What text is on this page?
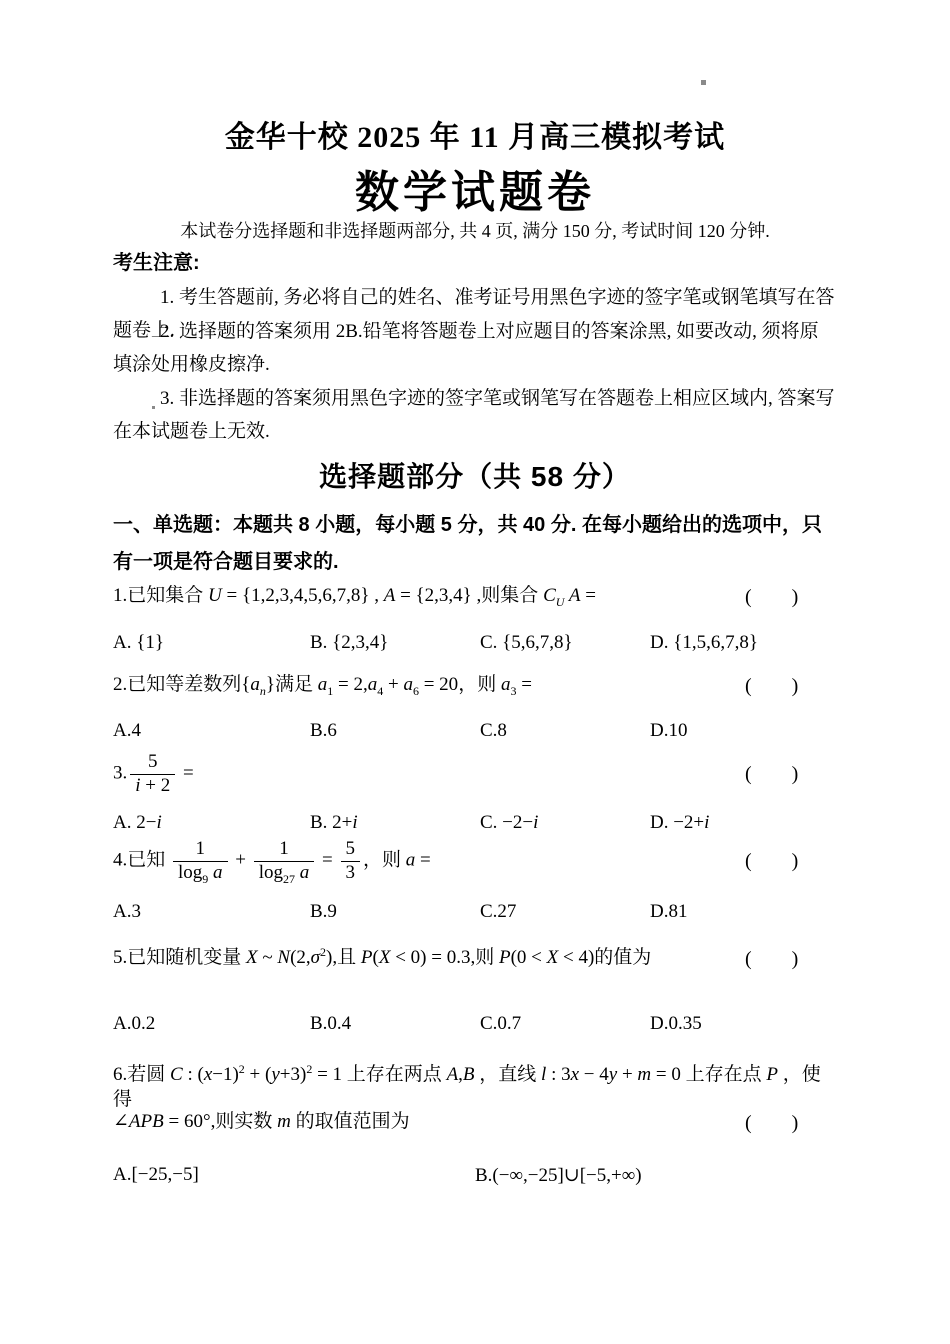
金华十校 2025 年 11 月高三模拟考试
数学试题卷
本试卷分选择题和非选择题两部分, 共 4 页, 满分 150 分, 考试时间 120 分钟.
考生注意:
1. 考生答题前, 务必将自己的姓名、准考证号用黑色字迹的签字笔或钢笔填写在答题卷上.
2. 选择题的答案须用 2B.铅笔将答题卷上对应题目的答案涂黑, 如要改动, 须将原填涂处用橡皮擦净.
3. 非选择题的答案须用黑色字迹的签字笔或钢笔写在答题卷上相应区域内, 答案写在本试题卷上无效.
选择题部分（共 58 分）
一、单选题：本题共 8 小题，每小题 5 分，共 40 分. 在每小题给出的选项中，只有一项是符合题目要求的.
1.已知集合 U = {1,2,3,4,5,6,7,8} , A = {2,3,4} ,则集合 $C_U$ A =	(　　)
A. {1}	B. {2,3,4}	C. {5,6,7,8}	D. {1,5,6,7,8}
2.已知等差数列$\{a_n\}$满足 $a_1 = 2,a_4 + a_6 = 20$，则 $a_3$ =	(　　)
A.4	B.6	C.8	D.10
3. $\frac{5}{i + 2}$ =	(　　)
A. 2−i	B. 2+i	C. −2−i	D. −2+i
4.已知 $\frac{1}{\log_9 a} + \frac{1}{\log_{27} a} = \frac{5}{3}$ ，则 a =	(　　)
A.3	B.9	C.27	D.81
5.已知随机变量 X ~ $N(2,\sigma^2)$,且 P(X < 0) = 0.3,则 P(0 < X < 4)的值为	(　　)
A.0.2	B.0.4	C.0.7	D.0.35
6.若圆 C : $(x-1)^2 + (y+3)^2 = 1$ 上存在两点 A,B ，直线 l : 3x − 4y + m = 0 上存在点 P ，使得
∠APB = 60°,则实数 m 的取值范围为	(　　)
A.[−25,−5]	B.(−∞,−25]∪[−5,+∞)
